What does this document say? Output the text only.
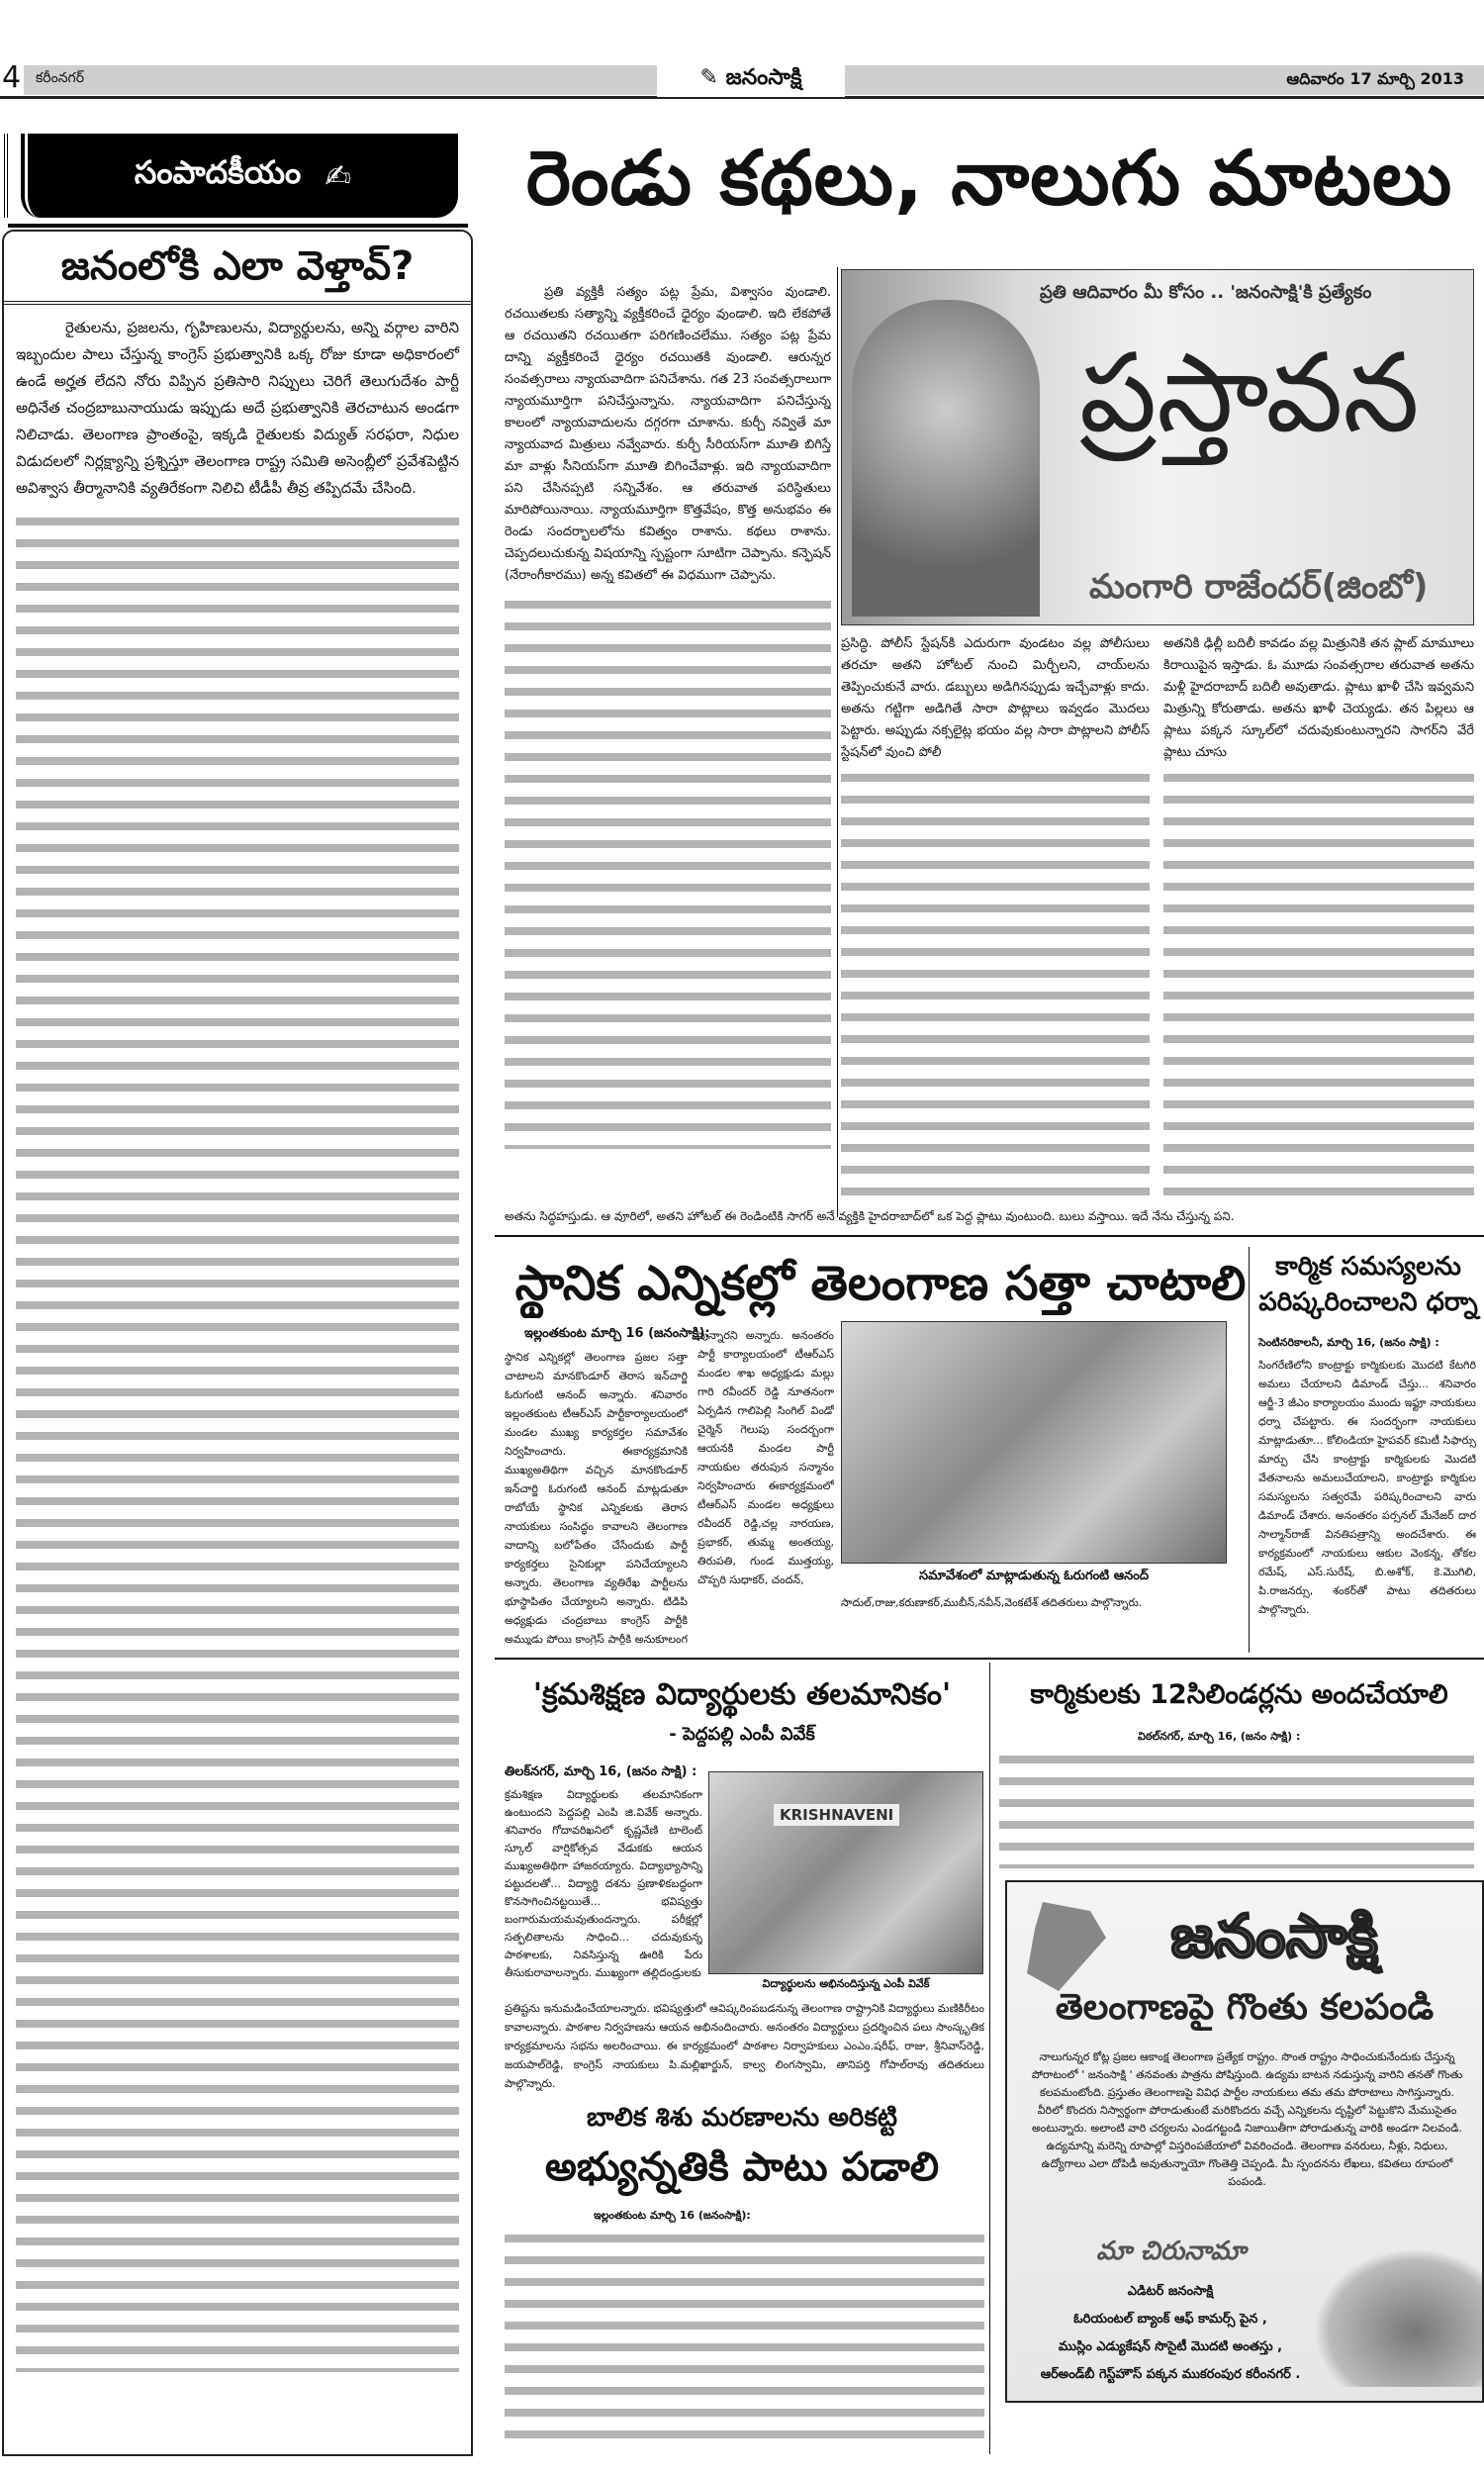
4 కరీంనగర్	✎ జనంసాక్షి	ఆదివారం 17 మార్చి 2013
సంపాదకీయం ✍
జనంలోకి ఎలా వెళ్తావ్?

రైతులను, ప్రజలను, గృహిణులను, విద్యార్థులను, అన్ని వర్గాల వారిని ఇబ్బందుల పాలు చేస్తున్న కాంగ్రెస్ ప్రభుత్వానికి ఒక్క రోజు కూడా అధికారంలో ఉండే అర్హత లేదని నోరు విప్పిన ప్రతిసారి నిప్పులు చెరిగే తెలుగుదేశం పార్టీ అధినేత చంద్రబాబునాయుడు ఇప్పుడు అదే ప్రభుత్వానికి తెరచాటున అండగా నిలిచాడు. తెలంగాణ ప్రాంతంపై, ఇక్కడి రైతులకు విద్యుత్ సరఫరా, నిధుల విడుదలలో నిర్లక్ష్యాన్ని ప్రశ్నిస్తూ తెలంగాణ రాష్ట్ర సమితి అసెంబ్లీలో ప్రవేశపెట్టిన అవిశ్వాస తీర్మానానికి వ్యతిరేకంగా నిలిచి టీడీపీ తీవ్ర తప్పిదమే చేసింది.

రెండు కథలు, నాలుగు మాటలు

ప్రతి వ్యక్తికీ సత్యం పట్ల ప్రేమ, విశ్వాసం వుండాలి. రచయితలకు సత్యాన్ని వ్యక్తీకరించే ధైర్యం వుండాలి. ఇది లేకపోతే ఆ రచయితని రచయితగా పరిగణించలేము. సత్యం పట్ల ప్రేమ దాన్ని వ్యక్తీకరించే ధైర్యం రచయితకి వుండాలి. ఆరున్నర సంవత్సరాలు న్యాయవాదిగా పనిచేశాను. గత 23 సంవత్సరాలుగా న్యాయమూర్తిగా పనిచేస్తున్నాను. న్యాయవాదిగా పనిచేస్తున్న కాలంలో న్యాయవాదులను దగ్గరగా చూశాను. కుర్చీ నవ్వితే మా న్యాయవాద మిత్రులు నవ్వేవారు. కుర్చీ సీరియస్‌గా మూతి బిగిస్తే మా వాళ్లు సీనియస్‌గా మూతి బిగించేవాళ్లు. ఇది న్యాయవాదిగా పని చేసినప్పటి సన్నివేశం. ఆ తరువాత పరిస్థితులు మారిపోయినాయి. న్యాయమూర్తిగా కొత్తవేషం, కొత్త అనుభవం ఈ రెండు సందర్భాలలోను కవిత్వం రాశాను. కథలు రాశాను. చెప్పదలుచుకున్న విషయాన్ని స్పష్టంగా సూటిగా చెప్పాను. కన్ఫెషన్ (నేరాంగీకారము) అన్న కవితలో ఈ విధముగా చెప్పాను.

ప్రతి ఆదివారం మీ కోసం .. 'జనంసాక్షి'కి ప్రత్యేకం
ప్రస్తావన
మంగారి రాజేందర్(జింబో)

ప్రసిద్ధి. పోలీస్ స్టేషన్‌కి ఎదురుగా వుండటం వల్ల పోలీసులు తరచూ అతని హోటల్ నుంచి మిర్చీలని, చాయ్‌లను తెప్పించుకునే వారు. డబ్బులు అడిగినప్పుడు ఇచ్చేవాళ్లు కాదు. అతను గట్టిగా అడిగితే సారా పొట్లాలు ఇవ్వడం మొదలు పెట్టారు. అప్పుడు నక్సలైట్ల భయం వల్ల సారా పొట్లాలని పోలీస్ స్టేషన్‌లో వుంచి పోలీ

అతనికి ఢిల్లీ బదిలీ కావడం వల్ల మిత్రునికి తన ప్లాట్ మామూలు కిరాయిపైన ఇస్తాడు. ఓ మూడు సంవత్సరాల తరువాత అతను మళ్లీ హైదరాబాద్ బదిలీ అవుతాడు. ప్లాటు ఖాళీ చేసి ఇవ్వమని మిత్రున్ని కోరుతాడు. అతను ఖాళీ చెయ్యడు. తన పిల్లలు ఆ ప్లాటు పక్కన స్కూల్‌లో చదువుకుంటున్నారని సాగర్‌ని వేరే ప్లాటు చూసు

అతను సిద్ధహస్తుడు. ఆ వూరిలో, అతని హోటల్ ఈ రెండింటికి సాగర్ అనే వ్యక్తికి హైదరాబాద్‌లో ఒక పెద్ద ప్లాటు వుంటుంది. బులు వస్తాయి. ఇదే నేను చేస్తున్న పని.
స్థానిక ఎన్నికల్లో తెలంగాణ సత్తా చాటాలి
ఇల్లంతకుంట మార్చి 16 (జనంసాక్షి):
స్థానిక ఎన్నికల్లో తెలంగాణ ప్రజల సత్తా చాటాలని మానకొండూర్ తెరాస ఇన్‌చార్జి ఓరుగంటి ఆనంద్ అన్నారు. శనివారం ఇల్లంతకుంట టీఆర్‌ఎస్ పార్టీకార్యాలయంలో మండల ముఖ్య కార్యకర్తల సమావేశం నిర్వహించారు. ఈకార్యక్రమానికి ముఖ్యఅతిథిగా వచ్చిన మానకొండూర్ ఇన్‌చార్జి ఓరుగంటి ఆనంద్ మాట్లడుతూ రాబోయే స్థానిక ఎన్నికలకు తెరాస నాయకులు సంసిద్ధం కావాలని తెలంగాణ వాదాన్ని బలోపేతం చేసేందుకు పార్టీ కార్యకర్తలు సైనికుల్లా పనిచేయ్యాలని అన్నారు. తెలంగాణ వ్యతిరేఖ పార్టీలను భూస్థాపితం చేయ్యాలని అన్నారు. టిడిపి అధ్యక్షుడు చంద్రబాబు కాంగ్రెస్ పార్టీకి అమ్ముడు పోయి కాంగ్రెస్ పార్టీకి అనుకూలంగ
వున్నారని అన్నారు. అనంతరం పార్టీ కార్యాలయంలో టీఆర్‌ఎస్ మండల శాఖ అధ్యక్షుడు మల్లు గారి రవీందర్ రెడ్డి నూతనంగా ఏర్పడిన గాలిపెల్లి సింగిల్ విండో చైర్మెన్ గెలుపు సందర్బంగా ఆయనకి మండల పార్టీ నాయకుల తరుపున సన్మానం నిర్వహించారు ఈకార్యక్రమంలో టీఆర్‌ఎస్ మండల అధ్యక్షులు రవీందర్ రెడ్డి,చల్ల నారయణ, ప్రభాకర్, తుమ్మ అంతయ్య, తిరుపతి, గుండ ముత్తయ్య, చొప్పరి సుధాకర్, చందన్,	సమావేశంలో మాట్లాడుతున్న ఓరుగంటి ఆనంద్
సాదుల్,రాజు,కరుణాకర్,ముబీన్,నవీన్,వెంకటేశ్ తదితరులు పాల్గొన్నారు.
కార్మిక సమస్యలను
పరిష్కరించాలని ధర్నా
సెంటినరికాలనీ, మార్చి 16, (జనం సాక్షి) :
సింగరేణిలోని కాంట్రాక్టు కార్మికులకు మొదటి కేటగిరి అమలు చేయాలని డిమాండ్ చేస్తు... శనివారం ఆర్జీ-3 జీఎం కార్యాలయం ముందు ఇఫ్టూ నాయకులు ధర్నా చేపట్టారు. ఈ సందర్భంగా నాయకులు మాట్లాడుతూ... కోలిండియా హైపవర్ కమిటీ సిఫార్సు మార్పు చేసి కాంట్రాక్టు కార్మికులకు మొదటి వేతనాలను అమలుచేయాలని, కాంట్రాక్టు కార్మికుల సమస్యలను సత్వరమే పరిష్కరించాలని వారు డిమాండ్ చేశారు. అనంతరం పర్సనల్ మేనేజర్ దార సాల్మాన్‌రాజ్ వినతిపత్రాన్ని అందచేశారు. ఈ కార్యక్రమంలో నాయకులు ఆకుల వెంకన్న, తోకల రమేష్, ఎస్.సురేష్, బి.అశోక్, కె.మొగిలి, పి.రాజనర్సు, శంకర్‌తో పాటు తదితరులు పాల్గొన్నారు.
'క్రమశిక్షణ విద్యార్థులకు తలమానికం'
- పెద్దపల్లి ఎంపీ వివేక్
తిలక్‌నగర్, మార్చి 16, (జనం సాక్షి) :
క్రమశిక్షణ విద్యార్థులకు తలమానికంగా ఉంటుందని పెద్దపల్లి ఎంపి జి.వివేక్ అన్నారు. శనివారం గోదావరిఖనిలో కృష్ణవేణి టాలెంట్ స్కూల్ వార్షికోత్సవ వేడుకకు ఆయన ముఖ్యఅతిథిగా హాజరయ్యారు. విద్యాభ్యాసాన్ని పట్టుదలతో... విద్యార్థి దశను ప్రణాళికబద్ధంగా కొనసాగించినట్టయితే... భవిష్యత్తు బంగారుమయమవుతుందన్నారు. పరీక్షల్లో సత్ఫలితాలను సాధించి... చదువుకున్న పాఠశాలకు, నివసిస్తున్న ఊరికి పేరు తీసుకురావాలన్నారు. ముఖ్యంగా తల్లిదండ్రులకు
KRISHNAVENI
విద్యార్థులను అభినందిస్తున్న ఎంపీ వివేక్
ప్రతిష్టను ఇనుమడించేయాలన్నారు. భవిష్యత్తులో ఆవిష్కరింపబడనున్న తెలంగాణ రాష్ట్రానికి విద్యార్థులు మణికిరీటం కావాలన్నారు. పాఠశాల నిర్వహణను ఆయన అభినందించారు. అనంతరం విద్యార్థులు ప్రదర్శించిన పలు సాంస్కృతిక కార్యక్రమాలను సభను అలరించాయి. ఈ కార్యక్రమంలో పాఠశాల నిర్వాహకులు ఎంఎం.షరీఫ్, రాజు, శ్రీనివాస్‌రెడ్డి, జయపాల్‌రెడ్డి, కాంగ్రెస్ నాయకులు పి.మల్లిఖార్జున్, కాల్వ లింగస్వామి, తానిపర్తి గోపాల్‌రావు తదితరులు పాల్గొన్నారు.
బాలిక శిశు మరణాలను అరికట్టి
అభ్యున్నతికి పాటు పడాలి
ఇల్లంతకుంట మార్చి 16 (జనంసాక్షి):
కార్మికులకు 12సిలిండర్లను అందచేయాలి
విఠల్‌నగర్, మార్చి 16, (జనం సాక్షి) :
జనంసాక్షి
తెలంగాణపై గొంతు కలపండి
నాలుగున్నర కోట్ల ప్రజల ఆకాంక్ష తెలంగాణ ప్రత్యేక రాష్ట్రం. సొంత రాష్ట్రం సాధించుకునేందుకు చేస్తున్న పోరాటంలో ' జనంసాక్షి ' తనవంతు పాత్రను పోషిస్తుంది. ఉద్యమ బాటన నడుస్తున్న వారిని తనతో గొంతు కలపమంటోంది. ప్రస్తుతం తెలంగాణపై వివిధ పార్టీల నాయకులు తమ తమ పోరాటాలు సాగిస్తున్నారు. వీరిలో కొందరు నిస్వార్థంగా పోరాడుతుంటే మరికొందరు వచ్చే ఎన్నికలను దృష్టిలో పెట్టుకొని మేముసైతం అంటున్నారు. అలాంటి వారి చర్యలను ఎండగట్టండి నిజాయితీగా పోరాడుతున్న వారికి అండగా నిలవండి. ఉద్యమాన్ని మరెన్ని రూపాల్లో విస్తరింపజేయాలో వివరించండి. తెలంగాణ వనరులు, నీళ్లు, నిధులు, ఉద్యోగాలు ఎలా దోపిడీ అవుతున్నాయో గొంతెత్తి చెప్పండి. మీ స్పందనను లేఖలు, కవితలు రూపంలో పంపండి.
మా చిరునామా
ఎడిటర్ జనంసాక్షి
ఓరియంటల్ బ్యాంక్ ఆఫ్ కామర్స్ పైన ,
ముస్లిం ఎడ్యుకేషన్ సొసైటీ మొదటి అంతస్తు ,
ఆర్‌అండ్‌బీ గెస్ట్‌హౌస్ పక్కన ముకరంపుర కరీంనగర్ .
